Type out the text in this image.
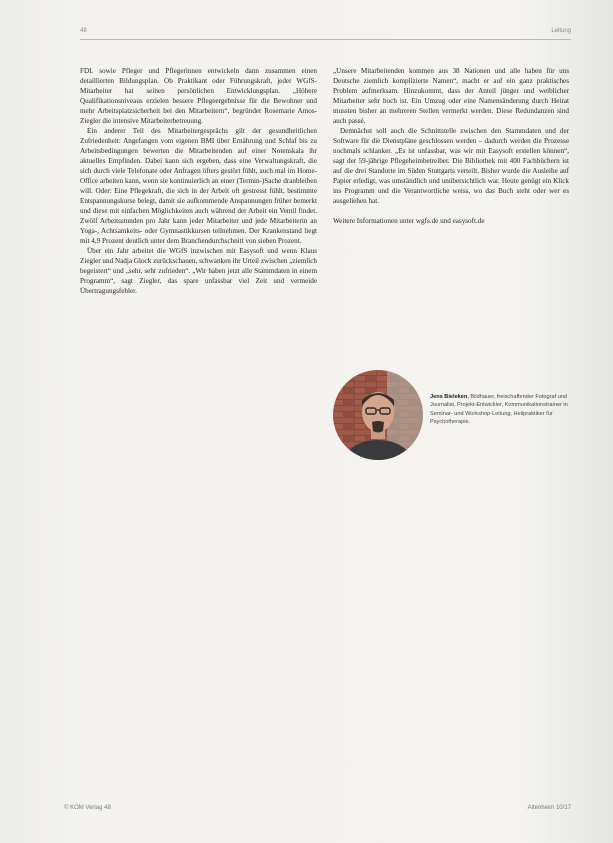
48	Leitung

FDL sowie Pfleger und Pflegerinnen entwickeln dann zusammen einen detaillierten Bildungsplan. Ob Praktikant oder Führungskraft, jeder WGfS-Mitarbeiter hat seinen persönlichen Entwicklungsplan. „Höhere Qualifikationsniveaus erzielen bessere Pflegeergebnisse für die Bewohner und mehr Arbeitsplatzsicherheit bei den Mitarbeitern“, begründet Rosemarie Amos-Ziegler die intensive Mitarbeiterbetreuung.

Ein anderer Teil des Mitarbeitergesprächs gilt der gesundheitlichen Zufriedenheit: Angefangen vom eigenen BMI über Ernährung und Schlaf bis zu Arbeitsbedingungen bewerten die Mitarbeitenden auf einer Notenskala ihr aktuelles Empfinden. Dabei kann sich ergeben, dass eine Verwaltungskraft, die sich durch viele Telefonate oder Anfragen öfters gestört fühlt, auch mal im Home-Office arbeiten kann, wenn sie kontinuierlich an einer (Termin-)Sache dranbleiben will. Oder: Eine Pflegekraft, die sich in der Arbeit oft gestresst fühlt, bestimmte Entspannungskurse belegt, damit sie aufkommende Anspannungen früher bemerkt und diese mit einfachen Möglichkeiten auch während der Arbeit ein Ventil findet. Zwölf Arbeitsstunden pro Jahr kann jeder Mitarbeiter und jede Mitarbeiterin an Yoga-, Achtsamkeits- oder Gymnastikkursen teilnehmen. Der Krankenstand liegt mit 4,9 Prozent deutlich unter dem Branchendurchschnitt von sieben Prozent.

Über ein Jahr arbeitet die WGfS inzwischen mit Easysoft und wenn Klaus Ziegler und Nadja Glock zurückschauen, schwanken ihr Urteil zwischen „ziemlich begeistert“ und „sehr, sehr zufrieden“. „Wir haben jetzt alle Stammdaten in einem Programm“, sagt Ziegler, das spare unfassbar viel Zeit und vermeide Übertragungsfehler.

„Unsere Mitarbeitenden kommen aus 38 Nationen und alle haben für uns Deutsche ziemlich komplizierte Namen“, macht er auf ein ganz praktisches Problem aufmerksam. Hinzukommt, dass der Anteil jünger und weiblicher Mitarbeiter sehr hoch ist. Ein Umzug oder eine Namensänderung durch Heirat mussten bisher an mehreren Stellen vermerkt werden. Diese Redundanzen sind auch passé.

Demnächst soll auch die Schnittstelle zwischen den Stammdaten und der Software für die Dienstpläne geschlossen werden – dadurch werden die Prozesse nochmals schlanker. „Es ist unfassbar, was wir mit Easysoft erstellen können“, sagt der 59-jährige Pflegeheimbetreiber. Die Bibliothek mit 400 Fachbüchern ist auf die drei Standorte im Süden Stuttgarts verteilt. Bisher wurde die Ausleihe auf Papier erledigt, was umständlich und unübersichtlich war. Heute genügt ein Klick ins Programm und die Verantwortliche weiss, wo das Buch steht oder wer es ausgeliehen hat.

Weitere Informationen unter wgfs.de und easysoft.de

Jens Bieleken, Bildhauer, freischaffender Fotograf und Journalist, Projekt-Entwickler, Kommunikationstrainer in Seminar- und Workshop-Leitung, Heilpraktiker für Psychotherapie.
© KOM Verlag 48	Altenheim 10/17
